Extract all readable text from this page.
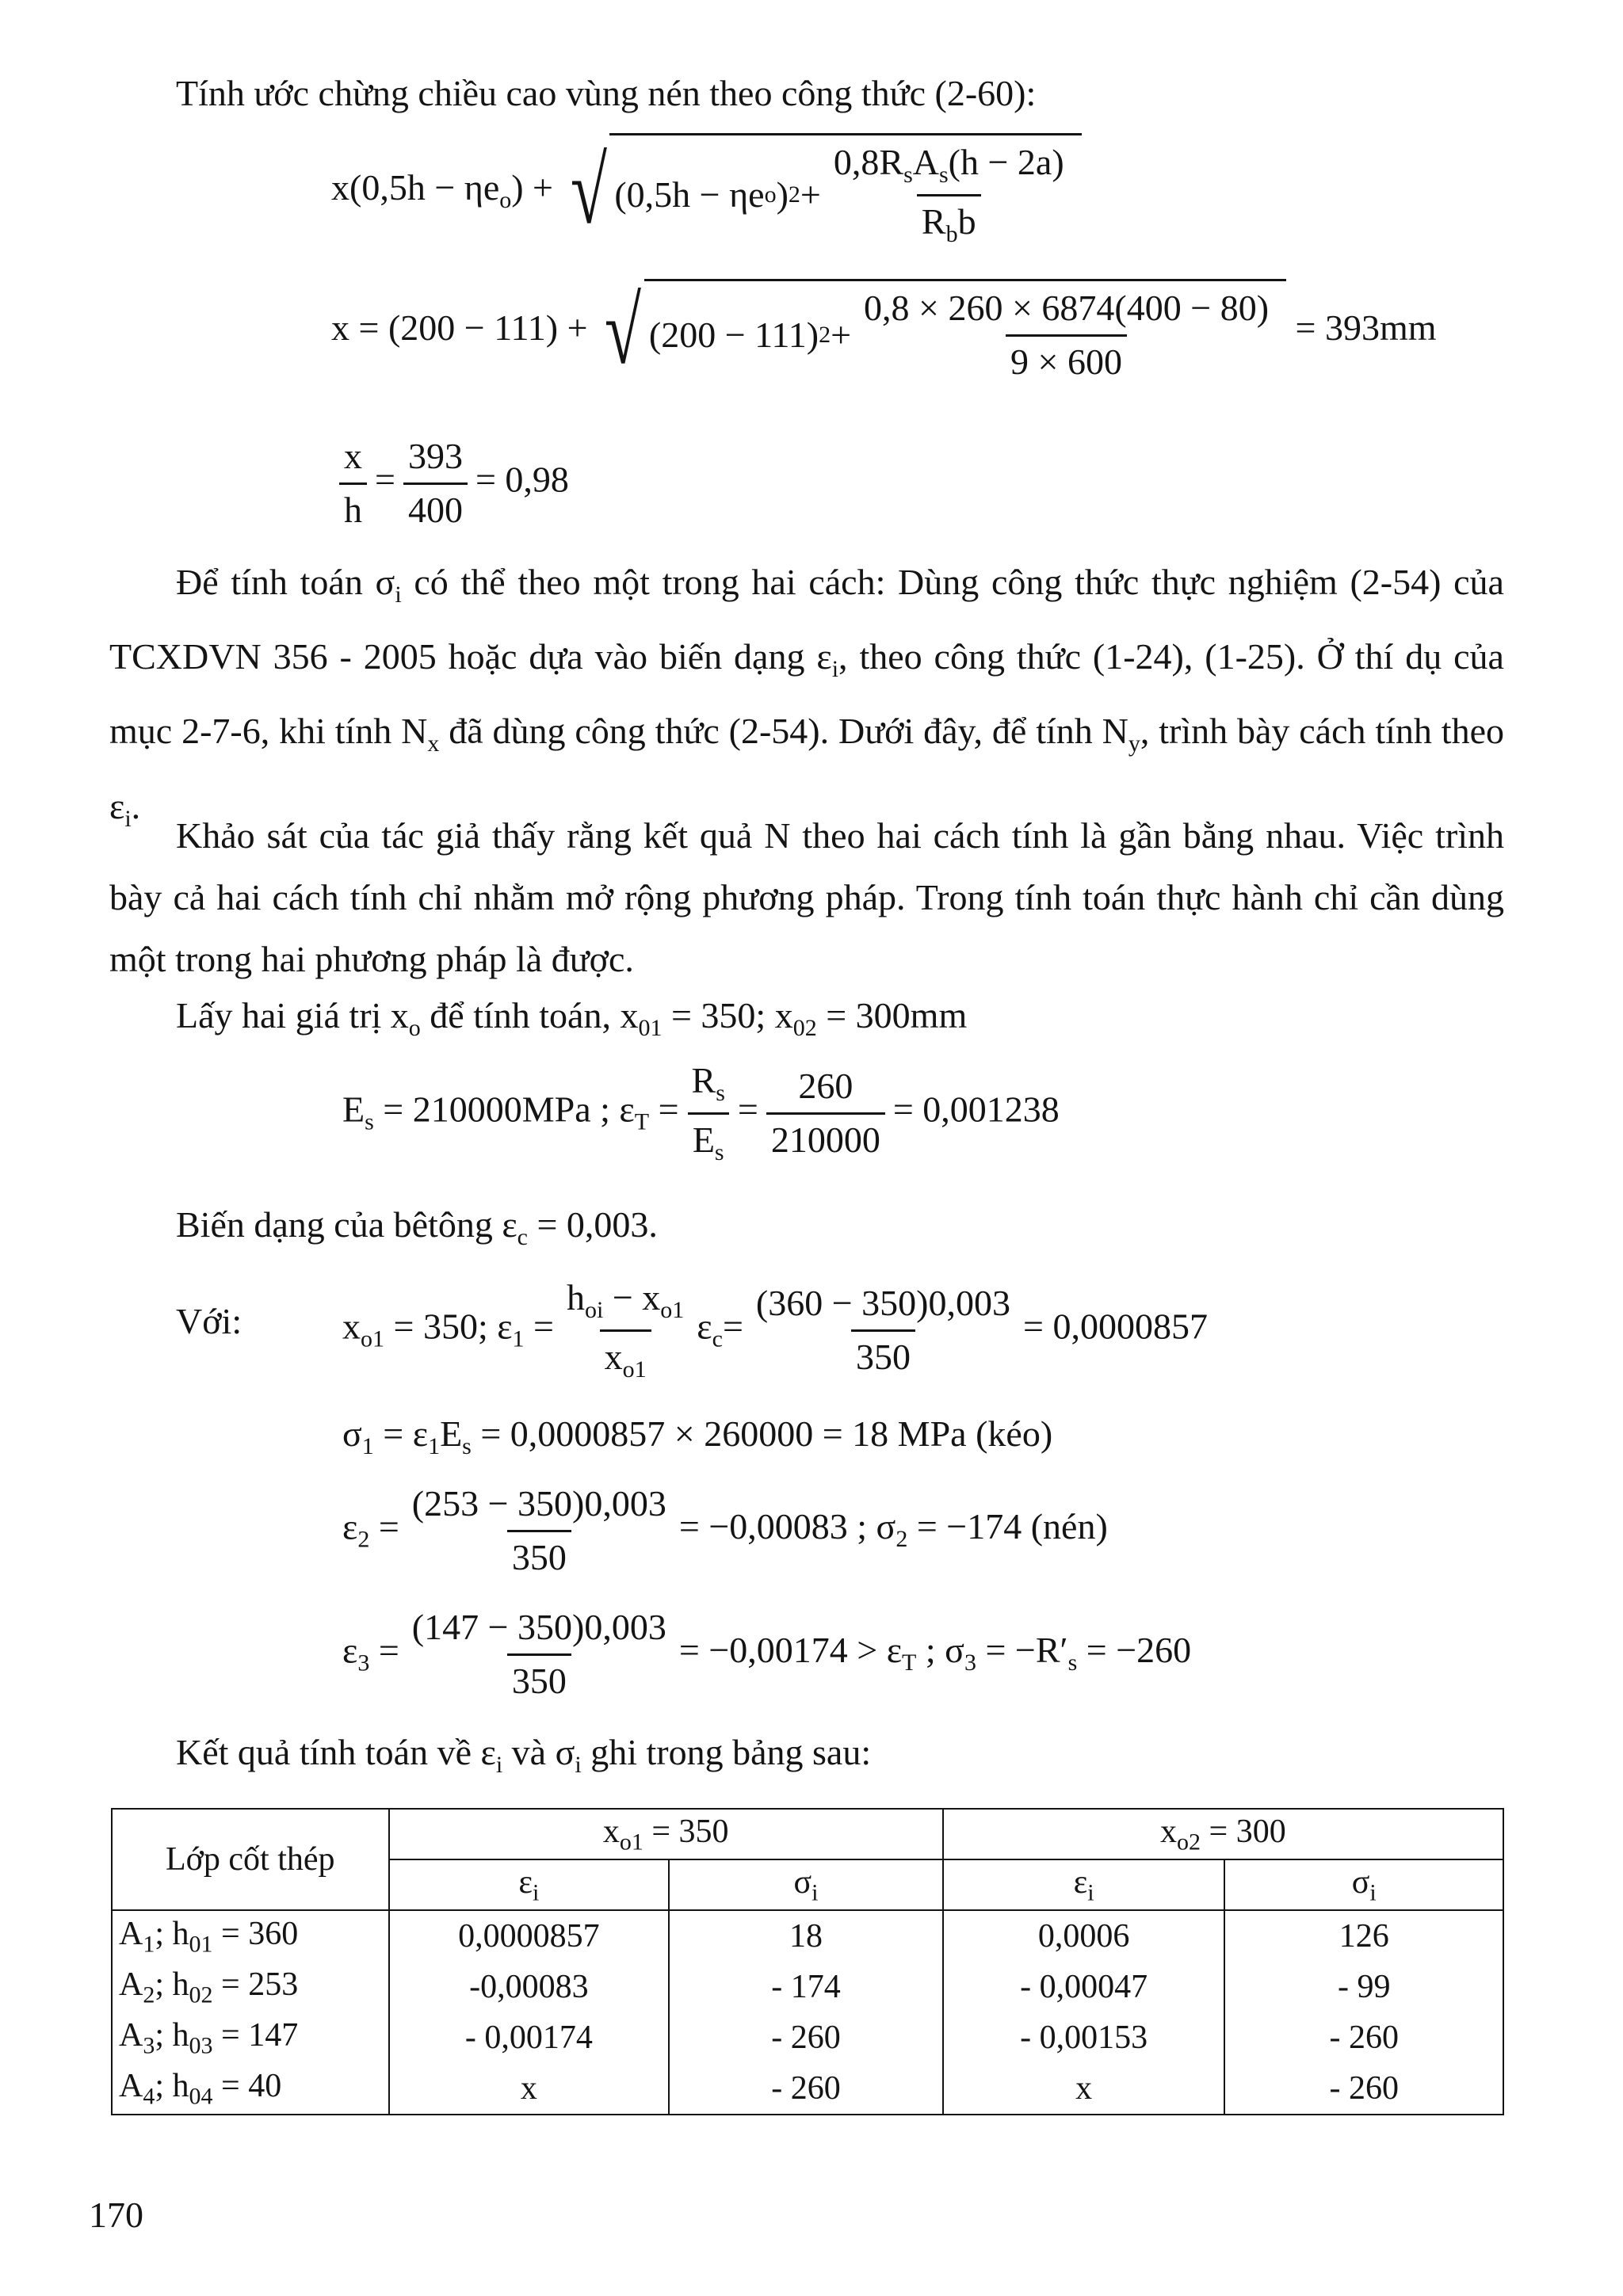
Tính ước chừng chiều cao vùng nén theo công thức (2-60):
$x(0,5h - \eta e_o)$ + √ (0,5h − ηe o ) $2 + \frac{0,8R_sA_s(h - 2a)}{R_bb}$
x = (200 − 111) + √ (200 − 111) $2 + \frac{0,8 \times 260 \times 6874(400 - 80)}{9 \times 600} = 393mm$
$\frac{x}{h} = \frac{393}{400} = 0,98$
Để tính toán $\sigma_i$ có thể theo một trong hai cách: Dùng công thức thực nghiệm (2-54) của TCXDVN 356 - 2005 hoặc dựa vào biến dạng $\varepsilon_i$, theo công thức (1-24), (1-25). Ở thí dụ của mục 2-7-6, khi tính $N_x$ đã dùng công thức (2-54). Dưới đây, để tính $N_y$, trình bày cách tính theo $\varepsilon_i$.
Khảo sát của tác giả thấy rằng kết quả N theo hai cách tính là gần bằng nhau. Việc trình bày cả hai cách tính chỉ nhằm mở rộng phương pháp. Trong tính toán thực hành chỉ cần dùng một trong hai phương pháp là được.
Lấy hai giá trị $x_o$ để tính toán, $x_{01} = 350$; $x_{02} = 300mm$
$E_s = 210000MPa$ ; $\varepsilon_T = \frac{R_s}{E_s} = \frac{260}{210000} = 0,001238$
Biến dạng của bêtông $\varepsilon_c = 0,003$.
Với:	$x_{o1} = 350$; $\varepsilon_1 = \frac{h_{oi} - x_{o1}}{x_{o1}} \varepsilon_c= \frac{(360 - 350)0,003}{350} = 0,0000857$
$\sigma_1 = \varepsilon_1E_s = 0,0000857 \times 260000 = 18$ MPa (kéo)
$\varepsilon_2 = \frac{(253 - 350)0,003}{350} = -0,00083$ ; $\sigma_2 = -174$ (nén)
$\varepsilon_3 = \frac{(147 - 350)0,003}{350} = -0,00174 > \varepsilon_T$ ; $\sigma_3 = -R'_s = -260$
Kết quả tính toán về $\varepsilon_i$ và $\sigma_i$ ghi trong bảng sau:
Lớp cốt thép	$x_{o1} = 350$		$x_{o2} = 300$	
	$\varepsilon_i$	$\sigma_i$	$\varepsilon_i$	$\sigma_i$
$A_1$; $h_{01} = 360$	0,0000857	18	0,0006	126
$A_2$; $h_{02} = 253$	-0,00083	- 174	- 0,00047	- 99
$A_3$; $h_{03} = 147$	- 0,00174	- 260	- 0,00153	- 260
$A_4$; $h_{04} = 40$	x	- 260	x	- 260
170
